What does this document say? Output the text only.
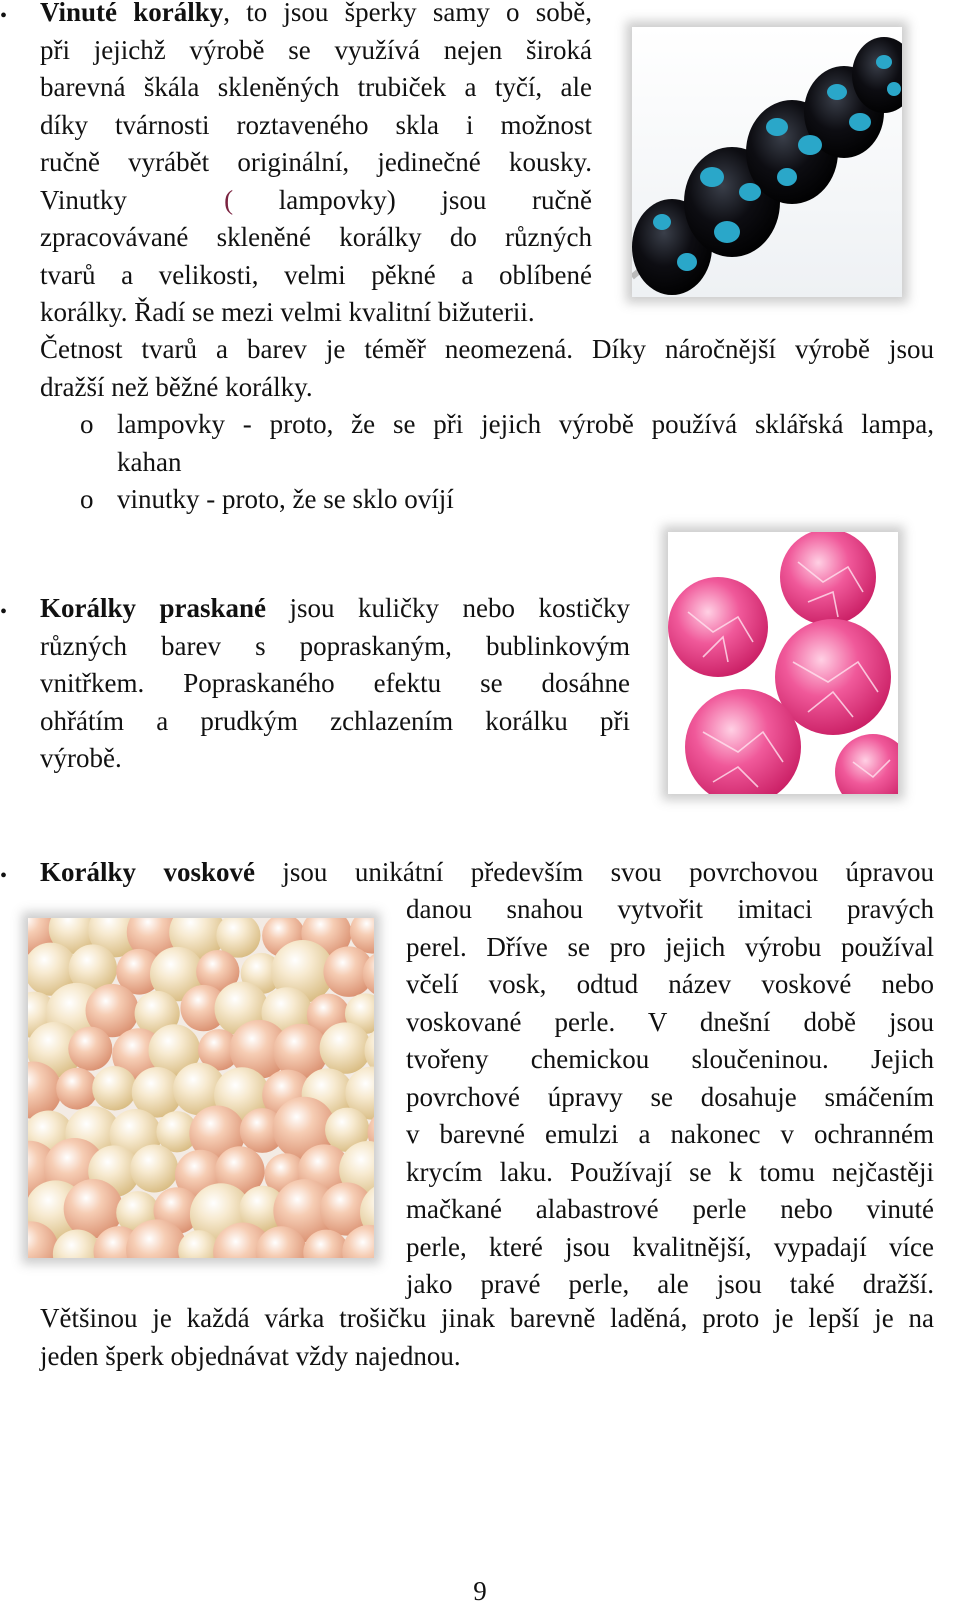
• Vinuté korálky, to jsou šperky samy o sobě,
při jejichž výrobě se využívá nejen široká
barevná škála skleněných trubiček a tyčí, ale
díky tvárnosti roztaveného skla i možnost
ručně vyrábět originální, jedinečné kousky.
Vinutky	( lampovky) jsou ručně
zpracovávané skleněné korálky do různých
tvarů a velikosti, velmi pěkné a oblíbené
korálky. Řadí se mezi velmi kvalitní bižuterii.
Četnost tvarů a barev je téměř neomezená. Díky náročnější výrobě jsou
dražší než běžné korálky.
o lampovky - proto, že se při jejich výrobě používá sklářská lampa,
kahan
o vinutky - proto, že se sklo ovíjí
• Korálky praskané jsou kuličky nebo kostičky
různých barev s popraskaným, bublinkovým
vnitřkem. Popraskaného efektu se dosáhne
ohřátím a prudkým zchlazením korálku při
výrobě.
• Korálky voskové jsou unikátní především svou povrchovou úpravou
danou snahou vytvořit imitaci pravých
perel. Dříve se pro jejich výrobu používal
včelí vosk, odtud název voskové nebo
voskované perle. V dnešní době jsou
tvořeny chemickou sloučeninou. Jejich
povrchové úpravy se dosahuje smáčením
v barevné emulzi a nakonec v ochranném
krycím laku. Používají se k tomu nejčastěji
mačkané alabastrové perle nebo vinuté
perle, které jsou kvalitnější, vypadají více
jako pravé perle, ale jsou také dražší.
Většinou je každá várka trošičku jinak barevně laděná, proto je lepší je na
jeden šperk objednávat vždy najednou.
9
